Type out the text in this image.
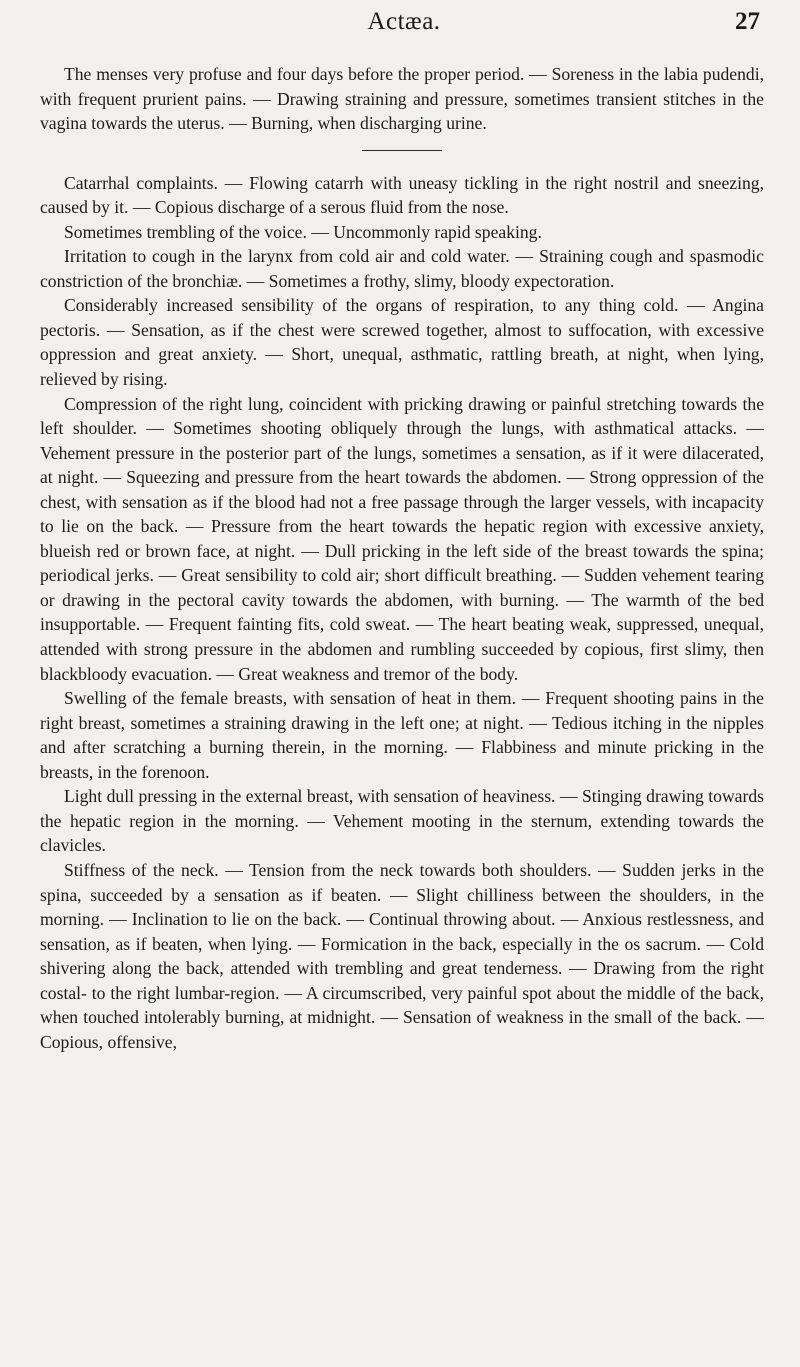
Actæa.	27

The menses very profuse and four days before the proper period. — Soreness in the labia pudendi, with frequent prurient pains. — Drawing straining and pressure, sometimes transient stitches in the vagina towards the uterus. — Burning, when discharging urine.

Catarrhal complaints. — Flowing catarrh with uneasy tickling in the right nostril and sneezing, caused by it. — Copious discharge of a serous fluid from the nose.

Sometimes trembling of the voice. — Uncommonly rapid speaking.

Irritation to cough in the larynx from cold air and cold water. — Straining cough and spasmodic constriction of the bronchiæ. — Sometimes a frothy, slimy, bloody expectoration.

Considerably increased sensibility of the organs of respiration, to any thing cold. — Angina pectoris. — Sensation, as if the chest were screwed together, almost to suffocation, with excessive oppression and great anxiety. — Short, unequal, asthmatic, rattling breath, at night, when lying, relieved by rising.

Compression of the right lung, coincident with pricking drawing or painful stretching towards the left shoulder. — Sometimes shooting obliquely through the lungs, with asthmatical attacks. — Vehement pressure in the posterior part of the lungs, sometimes a sensation, as if it were dilacerated, at night. — Squeezing and pressure from the heart towards the abdomen. — Strong oppression of the chest, with sensation as if the blood had not a free passage through the larger vessels, with incapacity to lie on the back. — Pressure from the heart towards the hepatic region with excessive anxiety, blueish red or brown face, at night. — Dull pricking in the left side of the breast towards the spina; periodical jerks. — Great sensibility to cold air; short difficult breathing. — Sudden vehement tearing or drawing in the pectoral cavity towards the abdomen, with burning. — The warmth of the bed insupportable. — Frequent fainting fits, cold sweat. — The heart beating weak, suppressed, unequal, attended with strong pressure in the abdomen and rumbling succeeded by copious, first slimy, then blackbloody evacuation. — Great weakness and tremor of the body.

Swelling of the female breasts, with sensation of heat in them. — Frequent shooting pains in the right breast, sometimes a straining drawing in the left one; at night. — Tedious itching in the nipples and after scratching a burning therein, in the morning. — Flabbiness and minute pricking in the breasts, in the forenoon.

Light dull pressing in the external breast, with sensation of heaviness. — Stinging drawing towards the hepatic region in the morning. — Vehement mooting in the sternum, extending towards the clavicles.

Stiffness of the neck. — Tension from the neck towards both shoulders. — Sudden jerks in the spina, succeeded by a sensation as if beaten. — Slight chilliness between the shoulders, in the morning. — Inclination to lie on the back. — Continual throwing about. — Anxious restlessness, and sensation, as if beaten, when lying. — Formication in the back, especially in the os sacrum. — Cold shivering along the back, attended with trembling and great tenderness. — Drawing from the right costal- to the right lumbar-region. — A circumscribed, very painful spot about the middle of the back, when touched intolerably burning, at midnight. — Sensation of weakness in the small of the back. — Copious, offensive,
